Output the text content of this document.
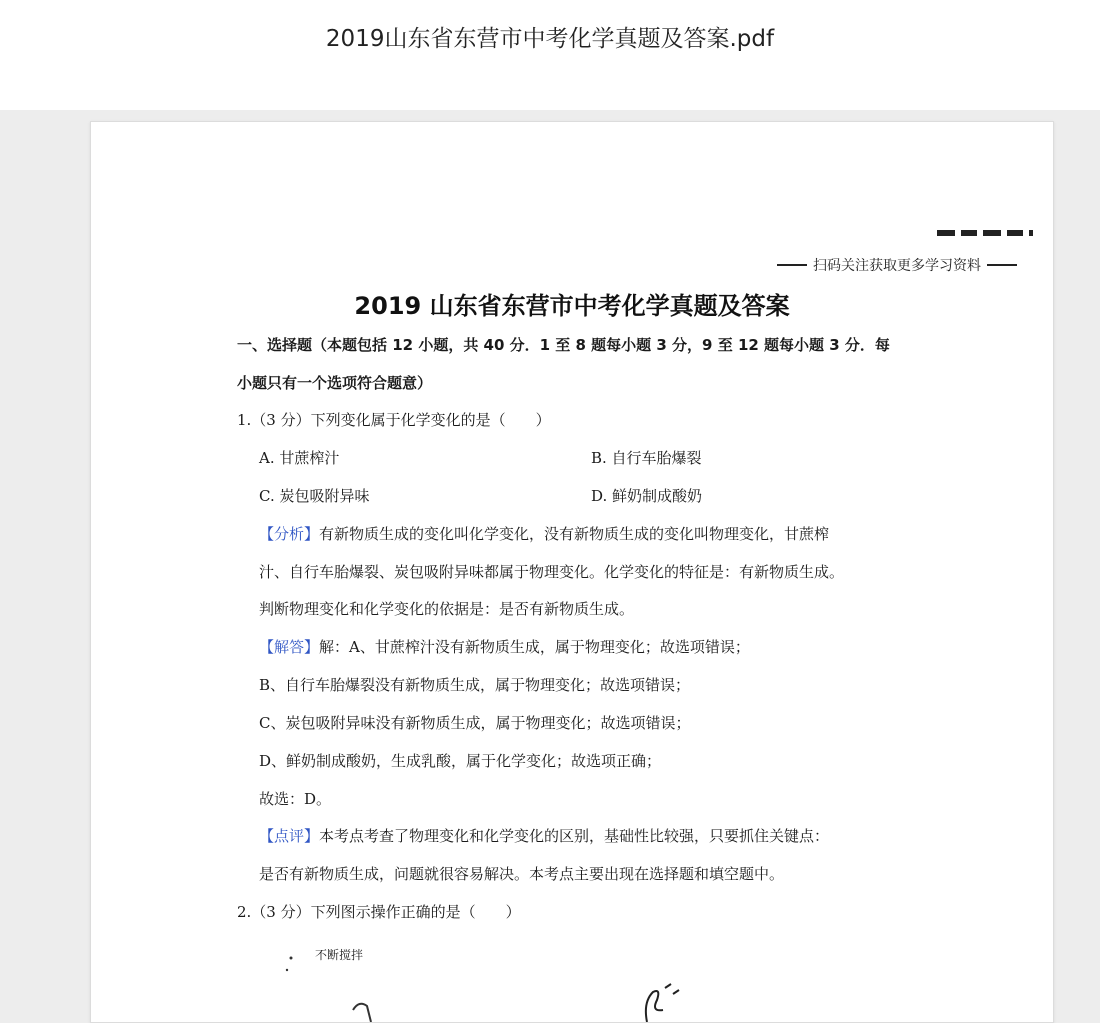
2019山东省东营市中考化学真题及答案.pdf
扫码关注获取更多学习资料
2019 山东省东营市中考化学真题及答案
一、选择题（本题包括 12 小题，共 40 分．1 至 8 题每小题 3 分，9 至 12 题每小题 3 分．每
小题只有一个选项符合题意）
1.（3 分）下列变化属于化学变化的是（　　）
A. 甘蔗榨汁	B. 自行车胎爆裂
C. 炭包吸附异味	D. 鲜奶制成酸奶
【分析】有新物质生成的变化叫化学变化，没有新物质生成的变化叫物理变化，甘蔗榨
汁、自行车胎爆裂、炭包吸附异味都属于物理变化。化学变化的特征是：有新物质生成。
判断物理变化和化学变化的依据是：是否有新物质生成。
【解答】解：A、甘蔗榨汁没有新物质生成，属于物理变化；故选项错误；
B、自行车胎爆裂没有新物质生成，属于物理变化；故选项错误；
C、炭包吸附异味没有新物质生成，属于物理变化；故选项错误；
D、鲜奶制成酸奶，生成乳酸，属于化学变化；故选项正确；
故选：D。
【点评】本考点考查了物理变化和化学变化的区别，基础性比较强，只要抓住关键点：
是否有新物质生成，问题就很容易解决。本考点主要出现在选择题和填空题中。
2.（3 分）下列图示操作正确的是（　　）
不断搅拌
